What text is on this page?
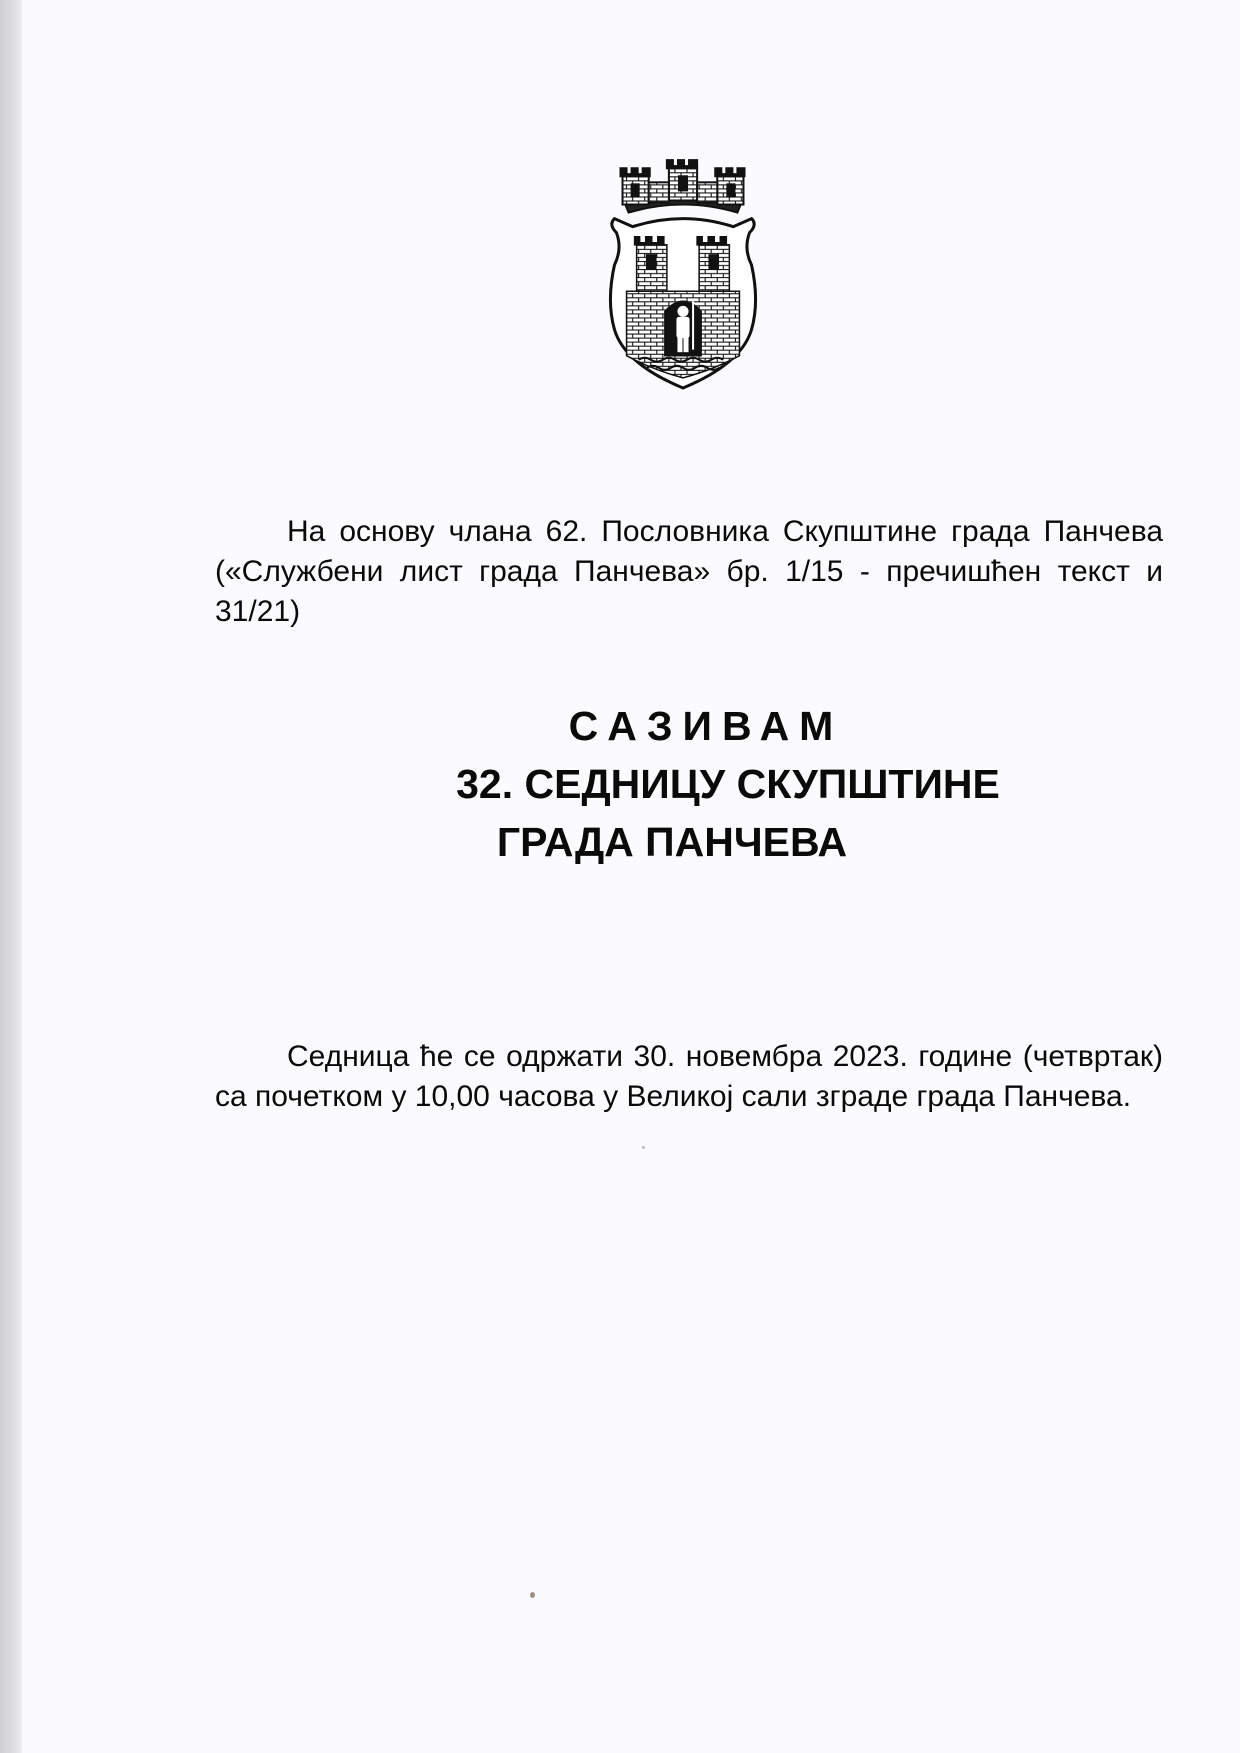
На основу члана 62. Пословника Скупштине града Панчева («Службени лист града Панчева» бр. 1/15 - пречишћен текст и 31/21)
САЗИВАМ
32. СЕДНИЦУ СКУПШТИНЕ
ГРАДА ПАНЧЕВА
Седница ће се одржати 30. новембра 2023. године (четвртак) са почетком у 10,00 часова у Великој сали зграде града Панчева.
